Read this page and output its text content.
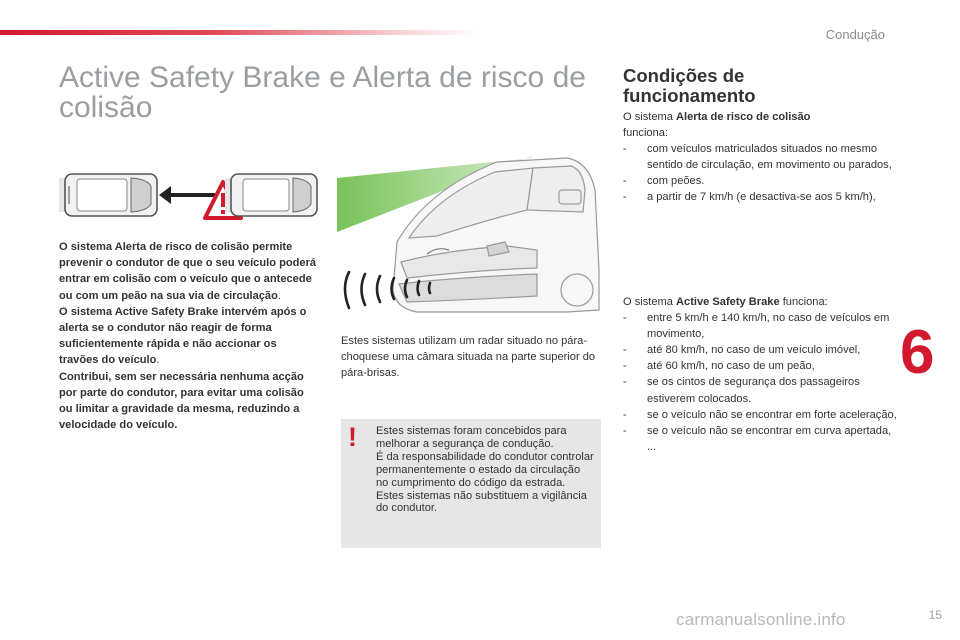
Condução
Active Safety Brake e Alerta de risco de colisão

O sistema Alerta de risco de colisão permite prevenir o condutor de que o seu veículo poderá entrar em colisão com o veículo que o antecede ou com um peão na sua via de circulação.

O sistema Active Safety Brake intervém após o alerta se o condutor não reagir de forma suficientemente rápida e não accionar os travões do veículo.

Contribui, sem ser necessária nenhuma acção por parte do condutor, para evitar uma colisão ou limitar a gravidade da mesma, reduzindo a velocidade do veículo.

Estes sistemas utilizam um radar situado no pára-choquese uma câmara situada na parte superior do pára-brisas.

! Estes sistemas foram concebidos para melhorar a segurança de condução.
É da responsabilidade do condutor controlar permanentemente o estado da circulação no cumprimento do código da estrada.
Estes sistemas não substituem a vigilância do condutor.
Condições de funcionamento
O sistema Alerta de risco de colisão
funciona:
- com veículos matriculados situados no mesmo sentido de circulação, em movimento ou parados,
- com peões.
- a partir de 7 km/h (e desactiva-se aos 5 km/h),
O sistema Active Safety Brake funciona:
- entre 5 km/h e 140 km/h, no caso de veículos em movimento,
- até 80 km/h, no caso de um veículo imóvel,
- até 60 km/h, no caso de um peão,
- se os cintos de segurança dos passageiros estiverem colocados.
- se o veículo não se encontrar em forte aceleração,
- se o veículo não se encontrar em curva apertada, ...
6
15
carmanualsonline.info
